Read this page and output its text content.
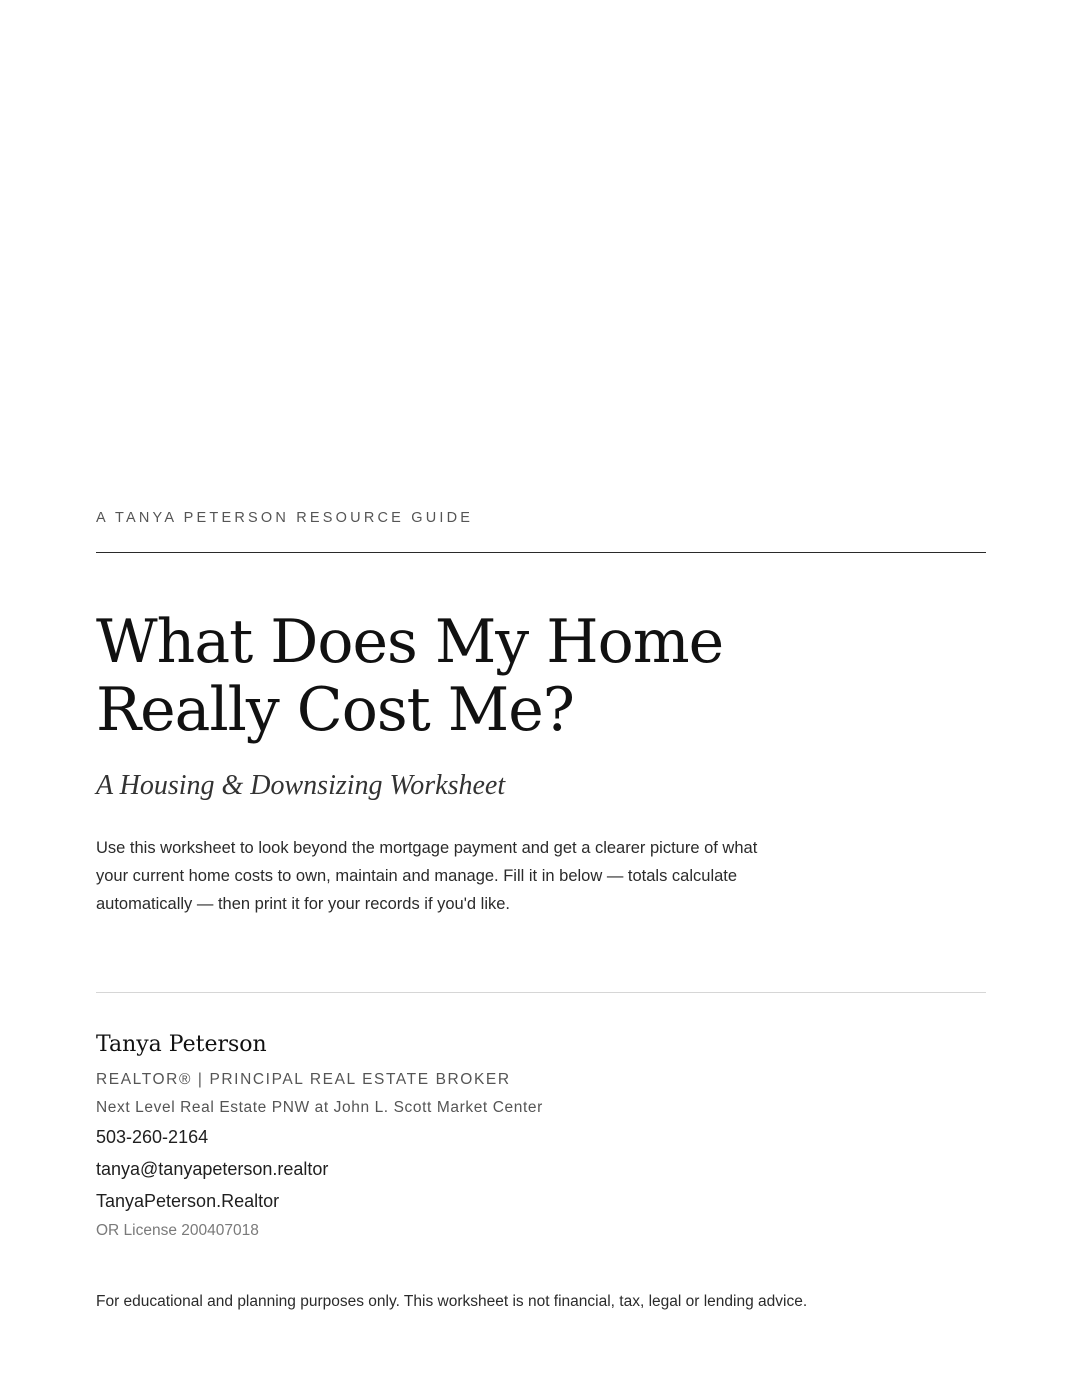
A TANYA PETERSON RESOURCE GUIDE
What Does My Home Really Cost Me?
A Housing & Downsizing Worksheet

Use this worksheet to look beyond the mortgage payment and get a clearer picture of what your current home costs to own, maintain and manage. Fill it in below — totals calculate automatically — then print it for your records if you'd like.

Tanya Peterson
REALTOR® | PRINCIPAL REAL ESTATE BROKER
Next Level Real Estate PNW at John L. Scott Market Center
503-260-2164
tanya@tanyapeterson.realtor
TanyaPeterson.Realtor
OR License 200407018

For educational and planning purposes only. This worksheet is not financial, tax, legal or lending advice.
